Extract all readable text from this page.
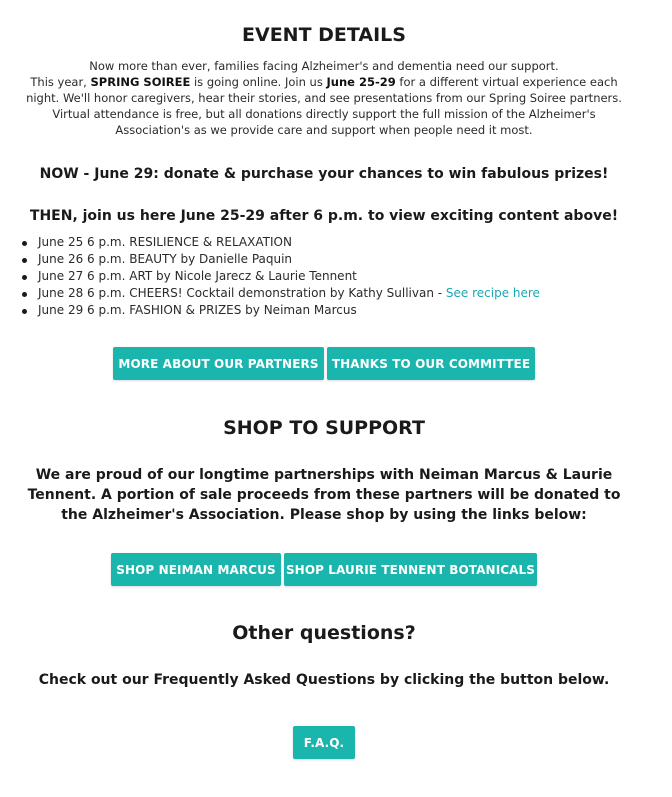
EVENT DETAILS
Now more than ever, families facing Alzheimer's and dementia need our support.
This year, SPRING SOIREE is going online. Join us June 25-29 for a different virtual experience each night. We'll honor caregivers, hear their stories, and see presentations from our Spring Soiree partners. Virtual attendance is free, but all donations directly support the full mission of the Alzheimer's Association's as we provide care and support when people need it most.
NOW - June 29: donate & purchase your chances to win fabulous prizes!
THEN, join us here June 25-29 after 6 p.m. to view exciting content above!
June 25 6 p.m. RESILIENCE & RELAXATION
June 26 6 p.m. BEAUTY by Danielle Paquin
June 27 6 p.m. ART by Nicole Jarecz & Laurie Tennent
June 28 6 p.m. CHEERS! Cocktail demonstration by Kathy Sullivan - See recipe here
June 29 6 p.m. FASHION & PRIZES by Neiman Marcus
MORE ABOUT OUR PARTNERS	THANKS TO OUR COMMITTEE
SHOP TO SUPPORT
We are proud of our longtime partnerships with Neiman Marcus & Laurie Tennent. A portion of sale proceeds from these partners will be donated to the Alzheimer's Association. Please shop by using the links below:
SHOP NEIMAN MARCUS SHOP LAURIE TENNENT BOTANICALS
Other questions?
Check out our Frequently Asked Questions by clicking the button below.
F.A.Q.
